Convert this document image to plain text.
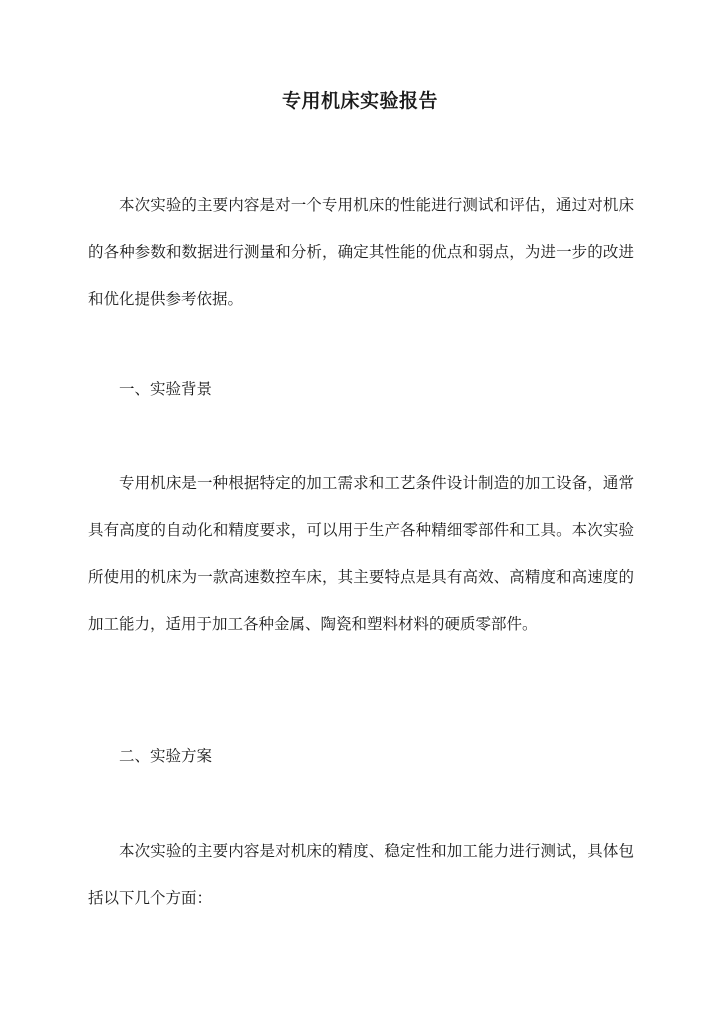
专用机床实验报告

本次实验的主要内容是对一个专用机床的性能进行测试和评估，通过对机床的各种参数和数据进行测量和分析，确定其性能的优点和弱点，为进一步的改进和优化提供参考依据。

一、实验背景

专用机床是一种根据特定的加工需求和工艺条件设计制造的加工设备，通常具有高度的自动化和精度要求，可以用于生产各种精细零部件和工具。本次实验所使用的机床为一款高速数控车床，其主要特点是具有高效、高精度和高速度的加工能力，适用于加工各种金属、陶瓷和塑料材料的硬质零部件。

二、实验方案

本次实验的主要内容是对机床的精度、稳定性和加工能力进行测试，具体包括以下几个方面：
